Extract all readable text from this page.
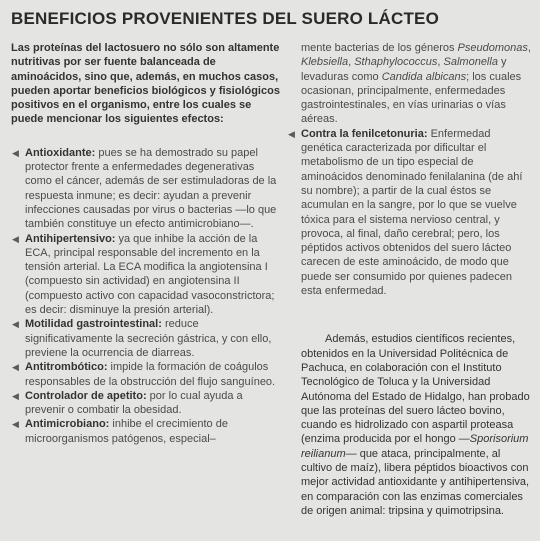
BENEFICIOS PROVENIENTES DEL SUERO LÁCTEO

Las proteínas del lactosuero no sólo son altamente nutritivas por ser fuente balanceada de aminoácidos, sino que, además, en muchos casos, pueden aportar beneficios biológicos y fisiológicos positivos en el organismo, entre los cuales se puede mencionar los siguientes efectos:

◀ Antioxidante: pues se ha demostrado su papel protector frente a enfermedades degenerativas como el cáncer, además de ser estimuladoras de la respuesta inmune; es decir: ayudan a prevenir infecciones causadas por virus o bacterias —lo que también constituye un efecto antimicrobiano—.

◀ Antihipertensivo: ya que inhibe la acción de la ECA, principal responsable del incremento en la tensión arterial. La ECA modifica la angiotensina I (compuesto sin actividad) en angiotensina II (compuesto activo con capacidad vasoconstrictora; es decir: disminuye la presión arterial).

◀ Motilidad gastrointestinal: reduce significativamente la secreción gástrica, y con ello, previene la ocurrencia de diarreas.

◀ Antitrombótico: impide la formación de coágulos responsables de la obstrucción del flujo sanguíneo.

◀ Controlador de apetito: por lo cual ayuda a prevenir o combatir la obesidad.

◀ Antimicrobiano: inhibe el crecimiento de microorganismos patógenos, especial–

mente bacterias de los géneros Pseudomonas, Klebsiella, Sthaphylococcus, Salmonella y levaduras como Candida albicans; los cuales ocasionan, principalmente, enfermedades gastrointestinales, en vías urinarias o vías aéreas.

◀ Contra la fenilcetonuria: Enfermedad genética caracterizada por dificultar el metabolismo de un tipo especial de aminoácidos denominado fenilalanina (de ahí su nombre); a partir de la cual éstos se acumulan en la sangre, por lo que se vuelve tóxica para el sistema nervioso central, y provoca, al final, daño cerebral; pero, los péptidos activos obtenidos del suero lácteo carecen de este aminoácido, de modo que puede ser consumido por quienes padecen esta enfermedad.

Además, estudios científicos recientes, obtenidos en la Universidad Politécnica de Pachuca, en colaboración con el Instituto Tecnológico de Toluca y la Universidad Autónoma del Estado de Hidalgo, han probado que las proteínas del suero lácteo bovino, cuando es hidrolizado con aspartil proteasa (enzima producida por el hongo —Sporisorium reilianum— que ataca, principalmente, al cultivo de maíz), libera péptidos bioactivos con mejor actividad antioxidante y antihipertensiva, en comparación con las enzimas comerciales de origen animal: tripsina y quimotripsina.
